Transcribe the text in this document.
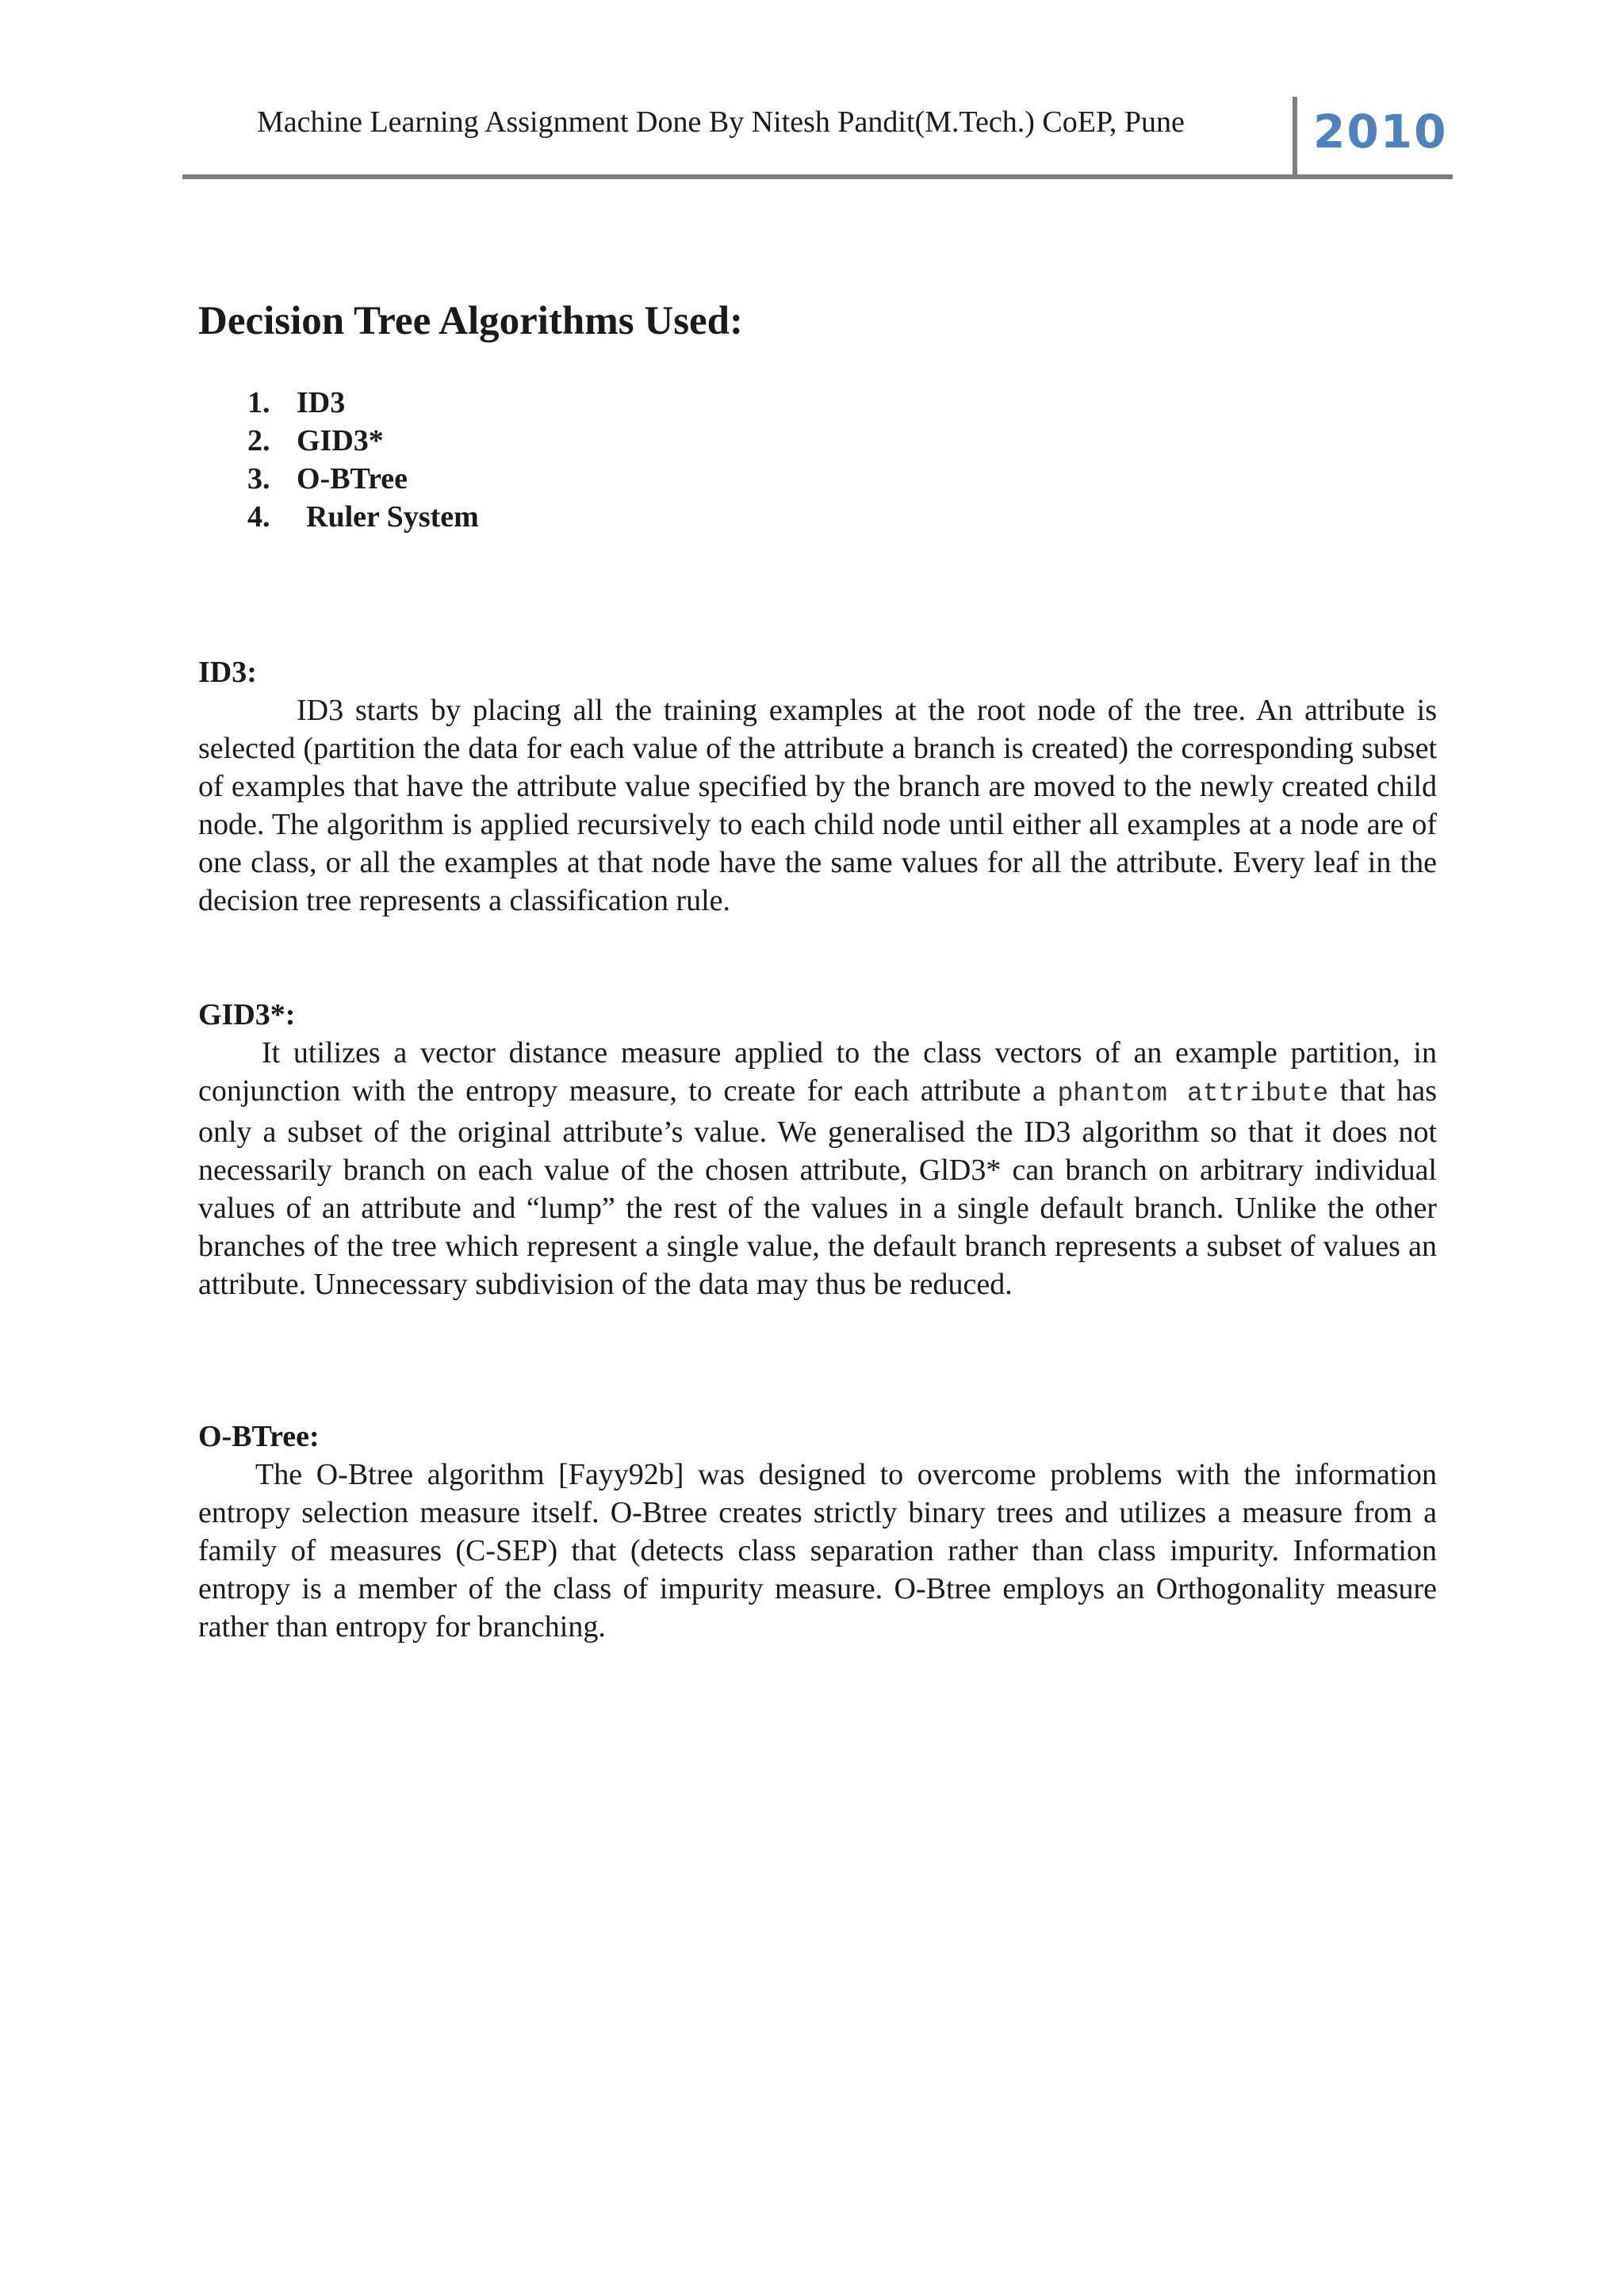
Machine Learning Assignment Done By Nitesh Pandit(M.Tech.) CoEP, Pune	2010
Decision Tree Algorithms Used:
1. ID3
2. GID3*
3. O-BTree
4. Ruler System
ID3:

ID3 starts by placing all the training examples at the root node of the tree. An attribute is selected (partition the data for each value of the attribute a branch is created) the corresponding subset of examples that have the attribute value specified by the branch are moved to the newly created child node. The algorithm is applied recursively to each child node until either all examples at a node are of one class, or all the examples at that node have the same values for all the attribute. Every leaf in the decision tree represents a classification rule.

GID3*:

It utilizes a vector distance measure applied to the class vectors of an example partition, in conjunction with the entropy measure, to create for each attribute a phantom attribute that has only a subset of the original attribute’s value. We generalised the ID3 algorithm so that it does not necessarily branch on each value of the chosen attribute, GlD3* can branch on arbitrary individual values of an attribute and “lump” the rest of the values in a single default branch. Unlike the other branches of the tree which represent a single value, the default branch represents a subset of values an attribute. Unnecessary subdivision of the data may thus be reduced.

O-BTree:

The O-Btree algorithm [Fayy92b] was designed to overcome problems with the information entropy selection measure itself. O-Btree creates strictly binary trees and utilizes a measure from a family of measures (C-SEP) that (detects class separation rather than class impurity. Information entropy is a member of the class of impurity measure. O-Btree employs an Orthogonality measure rather than entropy for branching.
